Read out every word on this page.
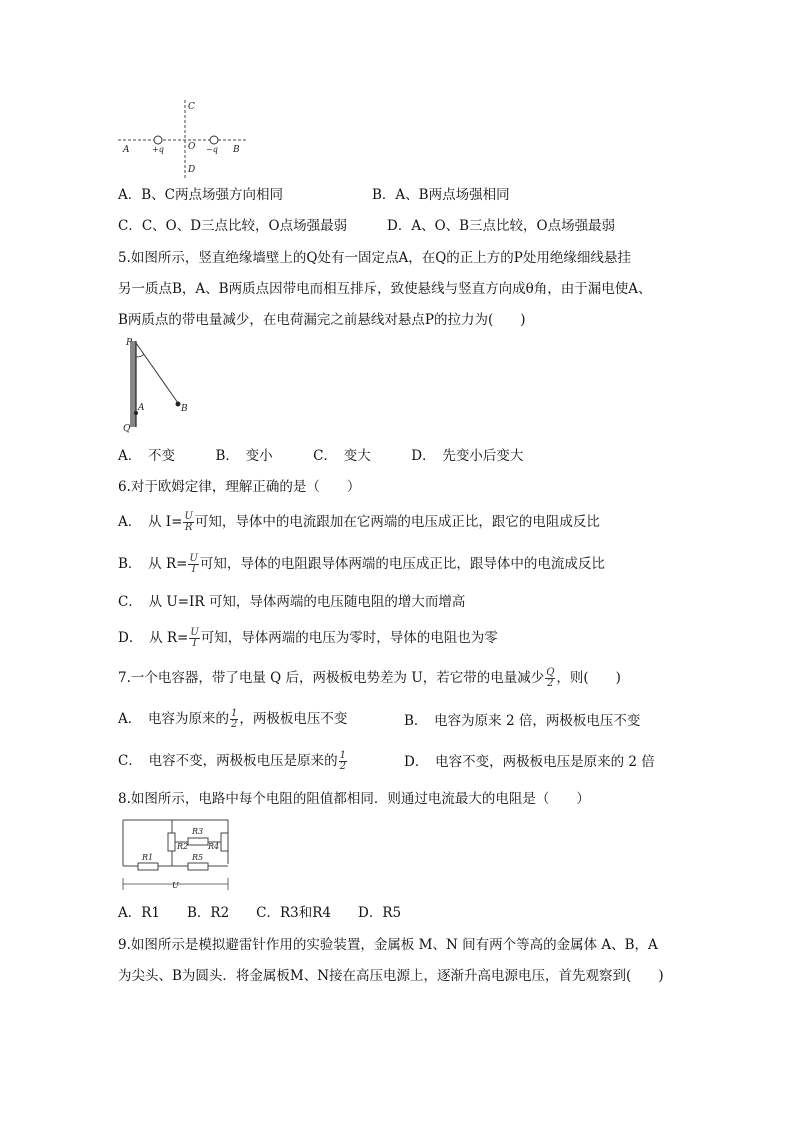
C
A	+q	O −q B
D
A．B、C两点场强方向相同	B．A、B两点场强相同
C．C、O、D三点比较，O点场强最弱	D．A、O、B三点比较，O点场强最弱
5.如图所示，竖直绝缘墙壁上的Q处有一固定点A，在Q的正上方的P处用绝缘细线悬挂
另一质点B，A、B两质点因带电而相互排斥，致使悬线与竖直方向成θ角，由于漏电使A、
B两质点的带电量减少，在电荷漏完之前悬线对悬点P的拉力为(　　)
P
A	B
Q
A．　不变　　　B．　变小　　　C．　变大　　　D．　先变小后变大
6.对于欧姆定律，理解正确的是（　　）
A．　从 $I= \frac{U}{R}$ 可知，导体中的电流跟加在它两端的电压成正比，跟它的电阻成反比
B．　从 $R= \frac{U}{I}$ 可知，导体的电阻跟导体两端的电压成正比，跟导体中的电流成反比
C．　从 U=IR 可知，导体两端的电压随电阻的增大而增高
D．　从 $R= \frac{U}{I}$ 可知，导体两端的电压为零时，导体的电阻也为零
7.一个电容器，带了电量 Q 后，两极板电势差为 U，若它带的电量减少 $\frac{Q}{2}$ ，则(　　)
A．　电容为原来的 $\frac{1}{2}$ ，两极板电压不变	B．　电容为原来 2 倍，两极板电压不变
C．　电容不变，两极板电压是原来的 $\frac{1}{2}$	D．　电容不变，两极板电压是原来的 2 倍
8.如图所示，电路中每个电阻的阻值都相同．则通过电流最大的电阻是（　　）
R1
R2
R3
R4
R5
U
A．R1　　B．R2　　C．R3和R4　　D．R5
9.如图所示是模拟避雷针作用的实验装置，金属板 M、N 间有两个等高的金属体 A、B，A
为尖头、B为圆头．将金属板M、N接在高压电源上，逐渐升高电源电压，首先观察到(　　)
